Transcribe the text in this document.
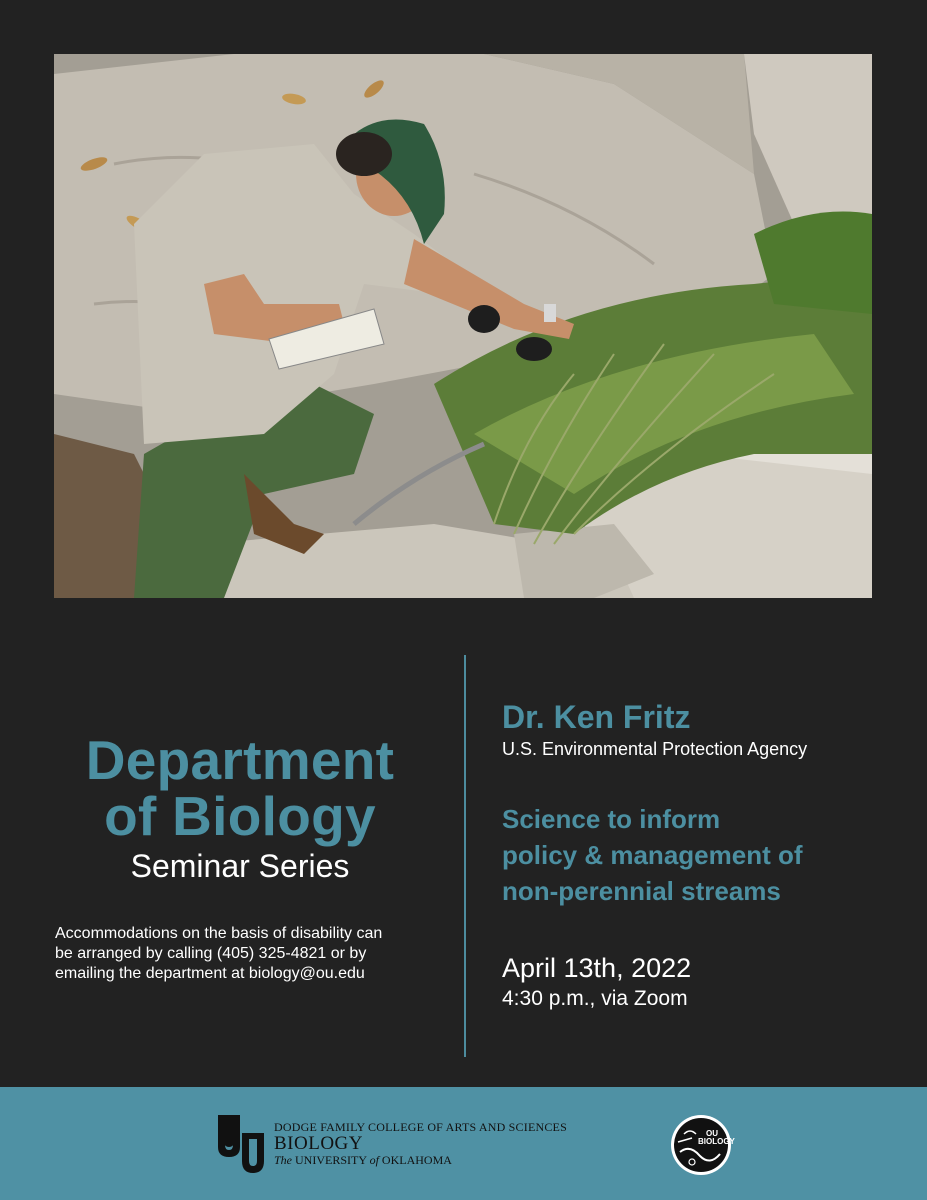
Department
of Biology
Seminar Series
Accommodations on the basis of disability can
be arranged by calling (405) 325-4821 or by
emailing the department at biology@ou.edu
Dr. Ken Fritz
U.S. Environmental Protection Agency
Science to inform
policy & management of
non-perennial streams
April 13th, 2022
4:30 p.m., via Zoom
DODGE FAMILY COLLEGE OF ARTS AND SCIENCES
BIOLOGY
The UNIVERSITY of OKLAHOMA
OU
BIOLOGY
